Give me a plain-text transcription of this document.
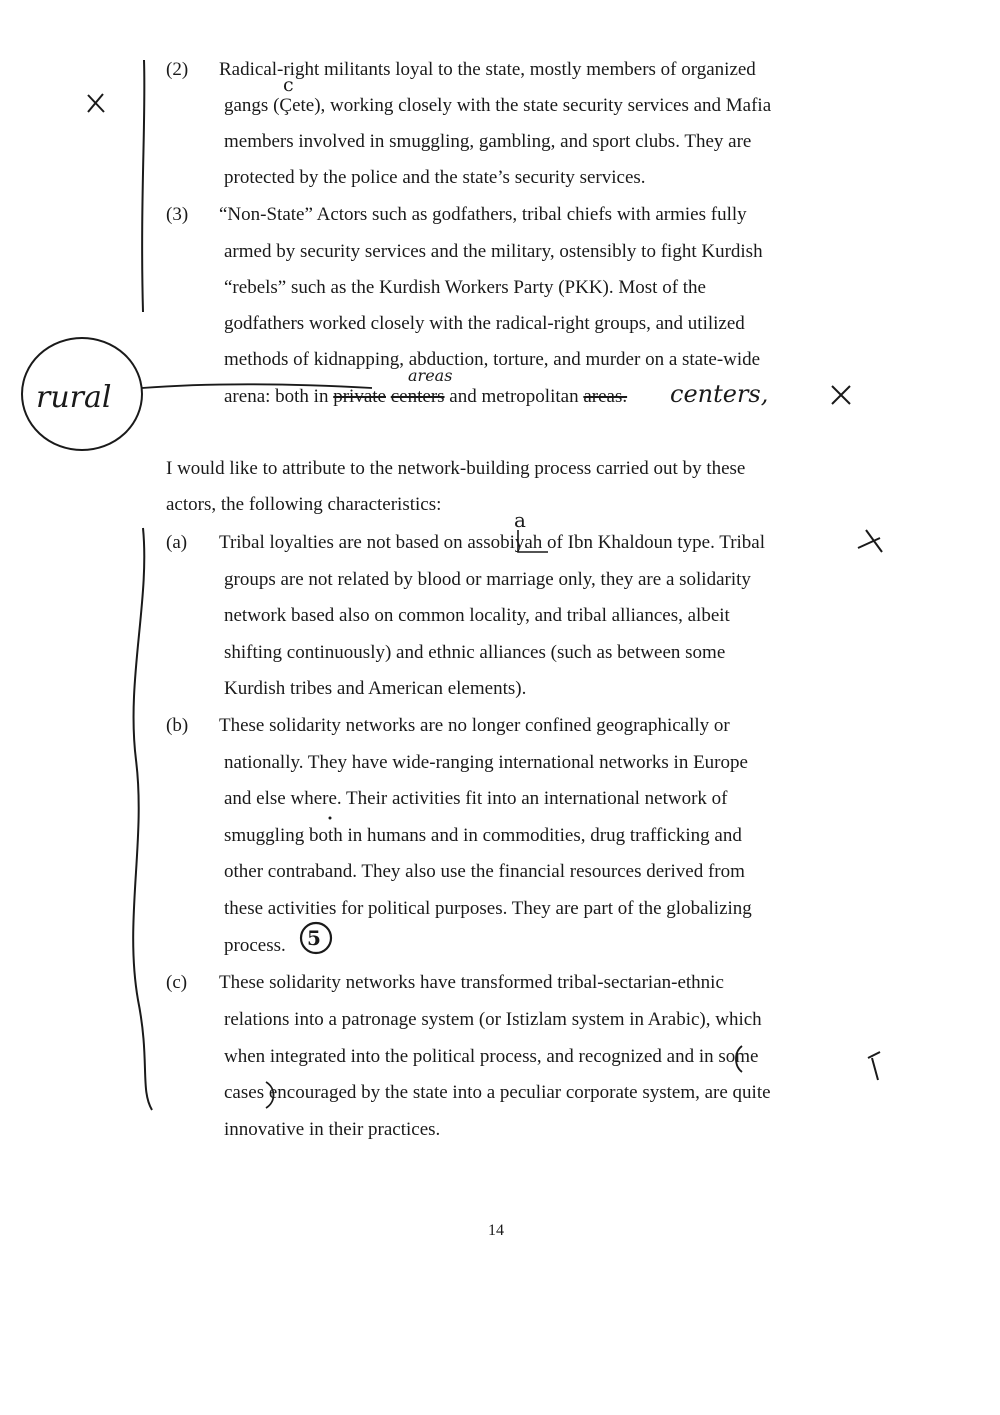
(2) Radical-right militants loyal to the state, mostly members of organized
gangs (Çete), working closely with the state security services and Mafia
members involved in smuggling, gambling, and sport clubs. They are
protected by the police and the state’s security services.
(3) “Non-State” Actors such as godfathers, tribal chiefs with armies fully
armed by security services and the military, ostensibly to fight Kurdish
“rebels” such as the Kurdish Workers Party (PKK). Most of the
godfathers worked closely with the radical-right groups, and utilized
methods of kidnapping, abduction, torture, and murder on a state-wide
arena: both in private centers and metropolitan areas.
I would like to attribute to the network-building process carried out by these
actors, the following characteristics:
(a) Tribal loyalties are not based on assobiyah of Ibn Khaldoun type. Tribal
groups are not related by blood or marriage only, they are a solidarity
network based also on common locality, and tribal alliances, albeit
shifting continuously) and ethnic alliances (such as between some
Kurdish tribes and American elements).
(b) These solidarity networks are no longer confined geographically or
nationally. They have wide-ranging international networks in Europe
and else where. Their activities fit into an international network of
smuggling both in humans and in commodities, drug trafficking and
other contraband. They also use the financial resources derived from
these activities for political purposes. They are part of the globalizing
process.
(c) These solidarity networks have transformed tribal-sectarian-ethnic
relations into a patronage system (or Istizlam system in Arabic), which
when integrated into the political process, and recognized and in some
cases encouraged by the state into a peculiar corporate system, are quite
innovative in their practices.
rural
areas
centers,
c
a
5
14
